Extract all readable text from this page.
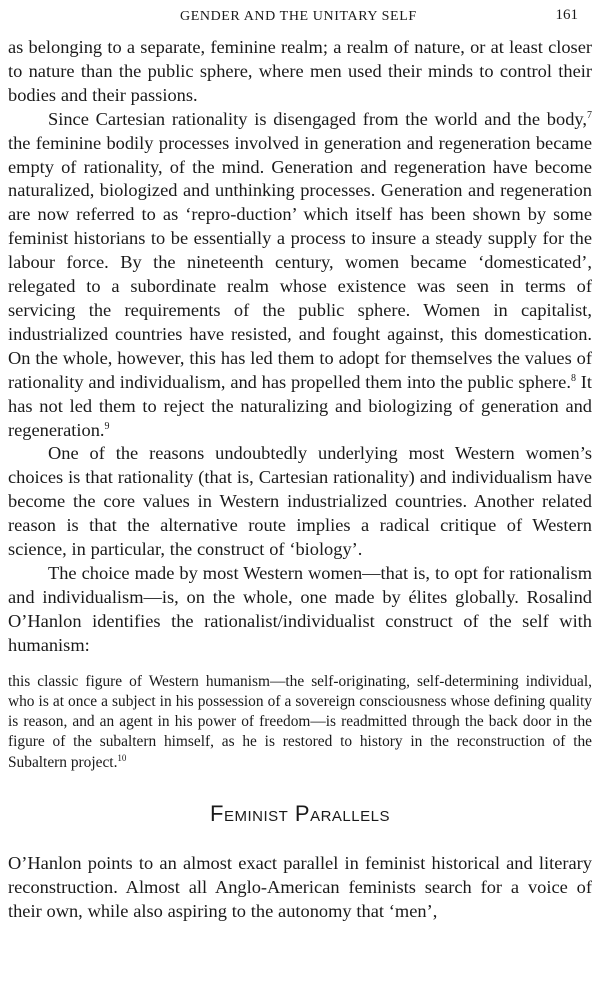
GENDER AND THE UNITARY SELF	161

as belonging to a separate, feminine realm; a realm of nature, or at least closer to nature than the public sphere, where men used their minds to control their bodies and their passions.

Since Cartesian rationality is disengaged from the world and the body,$^7$ the feminine bodily processes involved in generation and regeneration became empty of rationality, of the mind. Generation and regeneration have become naturalized, biologized and unthinking processes. Generation and regeneration are now referred to as ‘repro-duction’ which itself has been shown by some feminist historians to be essentially a process to insure a steady supply for the labour force. By the nineteenth century, women became ‘domesticated’, relegated to a subordinate realm whose existence was seen in terms of servicing the requirements of the public sphere. Women in capitalist, industrialized countries have resisted, and fought against, this domestication. On the whole, however, this has led them to adopt for themselves the values of rationality and individualism, and has propelled them into the public sphere.$^8$ It has not led them to reject the naturalizing and biologizing of generation and regeneration.$^9$

One of the reasons undoubtedly underlying most Western women’s choices is that rationality (that is, Cartesian rationality) and individualism have become the core values in Western industrialized countries. Another related reason is that the alternative route implies a radical critique of Western science, in particular, the construct of ‘biology’.

The choice made by most Western women—that is, to opt for rationalism and individualism—is, on the whole, one made by élites globally. Rosalind O’Hanlon identifies the rationalist/individualist construct of the self with humanism:

this classic figure of Western humanism—the self-originating, self-determining individual, who is at once a subject in his possession of a sovereign consciousness whose defining quality is reason, and an agent in his power of freedom—is readmitted through the back door in the figure of the subaltern himself, as he is restored to history in the reconstruction of the Subaltern project.$^{10}$

Feminist Parallels

O’Hanlon points to an almost exact parallel in feminist historical and literary reconstruction. Almost all Anglo-American feminists search for a voice of their own, while also aspiring to the autonomy that ‘men’,
